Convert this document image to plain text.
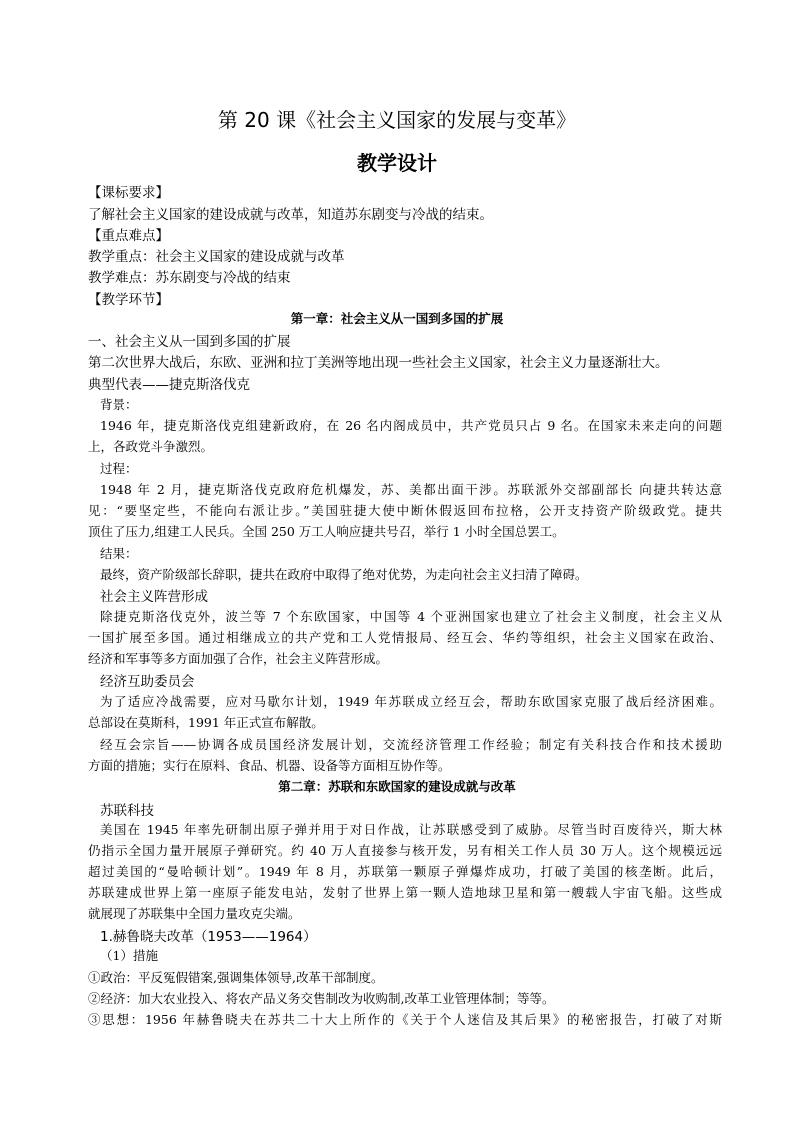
第 20 课《社会主义国家的发展与变革》
教学设计
【课标要求】
了解社会主义国家的建设成就与改革，知道苏东剧变与冷战的结束。
【重点难点】
教学重点：社会主义国家的建设成就与改革
教学难点：苏东剧变与冷战的结束
【教学环节】
第一章：社会主义从一国到多国的扩展
一、社会主义从一国到多国的扩展
第二次世界大战后，东欧、亚洲和拉丁美洲等地出现一些社会主义国家，社会主义力量逐渐壮大。
典型代表——捷克斯洛伐克
背景：
1946 年，捷克斯洛伐克组建新政府，在 26 名内阁成员中，共产党员只占 9 名。在国家未来走向的问题
上，各政党斗争激烈。
过程：
1948 年 2 月，捷克斯洛伐克政府危机爆发，苏、美都出面干涉。苏联派外交部副部长 向捷共转达意
见：“要坚定些，不能向右派让步。”美国驻捷大使中断休假返回布拉格，公开支持资产阶级政党。捷共
顶住了压力,组建工人民兵。全国 250 万工人响应捷共号召，举行 1 小时全国总罢工。
结果：
最终，资产阶级部长辞职，捷共在政府中取得了绝对优势，为走向社会主义扫清了障碍。
社会主义阵营形成
除捷克斯洛伐克外，波兰等 7 个东欧国家，中国等 4 个亚洲国家也建立了社会主义制度，社会主义从
一国扩展至多国。通过相继成立的共产党和工人党情报局、经互会、华约等组织，社会主义国家在政治、
经济和军事等多方面加强了合作，社会主义阵营形成。
经济互助委员会
为了适应冷战需要，应对马歇尔计划，1949 年苏联成立经互会，帮助东欧国家克服了战后经济困难。
总部设在莫斯科，1991 年正式宣布解散。
经互会宗旨——协调各成员国经济发展计划，交流经济管理工作经验；制定有关科技合作和技术援助
方面的措施；实行在原料、食品、机器、设备等方面相互协作等。
第二章：苏联和东欧国家的建设成就与改革
苏联科技
美国在 1945 年率先研制出原子弹并用于对日作战，让苏联感受到了威胁。尽管当时百废待兴，斯大林
仍指示全国力量开展原子弹研究。约 40 万人直接参与核开发，另有相关工作人员 30 万人。这个规模远远
超过美国的“曼哈顿计划”。1949 年 8 月，苏联第一颗原子弹爆炸成功，打破了美国的核垄断。此后，
苏联建成世界上第一座原子能发电站，发射了世界上第一颗人造地球卫星和第一艘载人宇宙飞船。这些成
就展现了苏联集中全国力量攻克尖端。
1.赫鲁晓夫改革（1953——1964）
（1）措施
①政治：平反冤假错案,强调集体领导,改革干部制度。
②经济：加大农业投入、将农产品义务交售制改为收购制,改革工业管理体制；等等。
③思想：1956 年赫鲁晓夫在苏共二十大上所作的《关于个人迷信及其后果》的秘密报告，打破了对斯
